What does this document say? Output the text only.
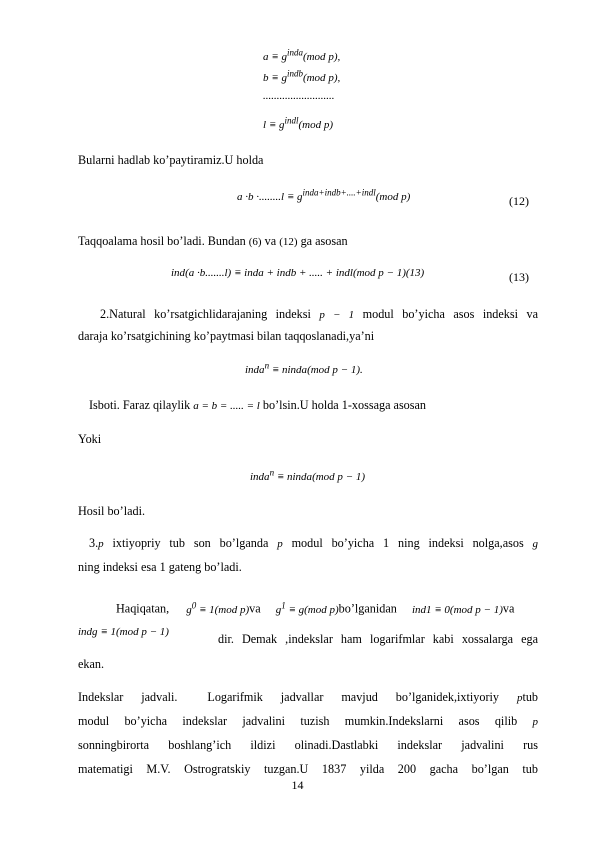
$a \equiv g^{inda}(mod$ p),
$b \equiv g^{indb}(mod$ p),
..........................
$l \equiv g^{indl}(mod$ p)
Bularni hadlab ko’paytiramiz.U holda
$a \cdot b \cdot........l \equiv g^{inda+indb+....+indl}(mod$ p)	(12)
Taqqoalama hosil bo’ladi. Bundan (6) va (12) ga asosan
ind(a ·b.......l) ≡ inda + indb + ..... + indl(mod p − 1)(13)	(13)
2.Natural ko’rsatgichlidarajaning indeksi p − 1 modul bo’yicha asos indeksi va
daraja ko’rsatgichining ko’paytmasi bilan taqqoslanadi,ya’ni
inda$^n$ ≡ ninda(mod p − 1).
Isboti. Faraz qilaylik a = b = ..... = l bo’lsin.U holda 1-xossaga asosan
Yoki
inda$^n$ ≡ ninda(mod p − 1)
Hosil bo’ladi.
3.p ixtiyopriy tub son bo’lganda p modul bo’yicha 1 ning indeksi nolga,asos g
ning indeksi esa 1 gateng bo’ladi.
Haqiqatan, $g^0 \equiv 1(mod$ p)va $g^1 \equiv g(mod$ p)bo’lganidan ind1 ≡ 0(mod p − 1)va
indg ≡ 1(mod p − 1)	dir. Demak ,indekslar ham logarifmlar kabi xossalarga ega
ekan.
Indekslar jadvali. Logarifmik jadvallar mavjud bo’lganidek,ixtiyoriy ptub
modul bo’yicha indekslar jadvalini tuzish mumkin.Indekslarni asos qilib p
sonningbirorta boshlang’ich ildizi olinadi.Dastlabki indekslar jadvalini rus
matematigi M.V. Ostrogratskiy tuzgan.U 1837 yilda 200 gacha bo’lgan tub
14
